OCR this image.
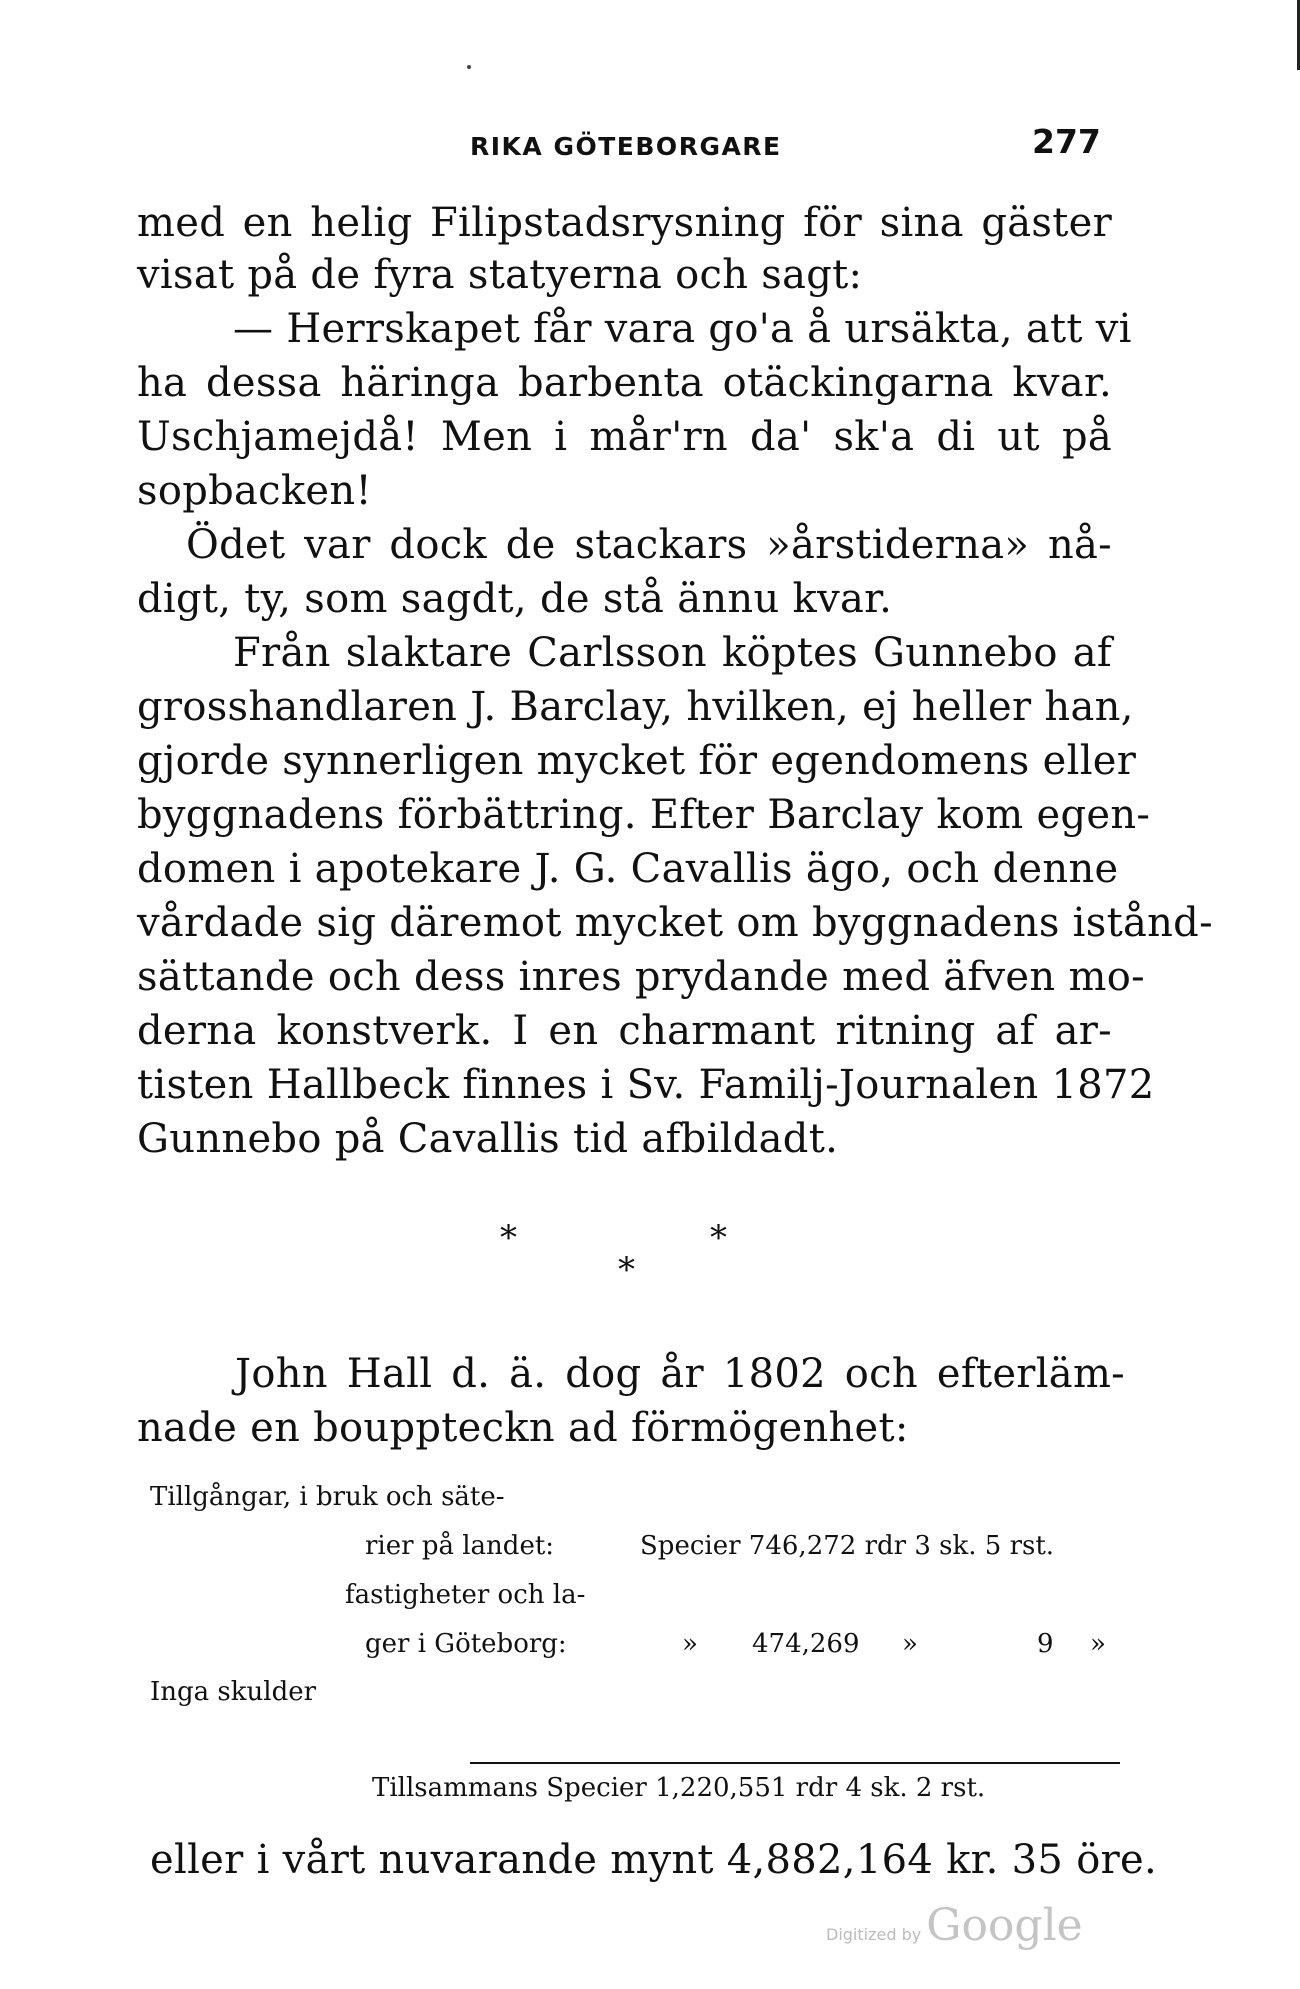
RIKA GÖTEBORGARE	277
med en helig Filipstadsrysning för sina gäster
visat på de fyra statyerna och sagt:
— Herrskapet får vara go'a å ursäkta, att vi
ha dessa häringa barbenta otäckingarna kvar.
Uschjamejdå! Men i mår'rn da' sk'a di ut på
sopbacken!
Ödet var dock de stackars »årstiderna» nå-
digt, ty, som sagdt, de stå ännu kvar.
Från slaktare Carlsson köptes Gunnebo af
grosshandlaren J. Barclay, hvilken, ej heller han,
gjorde synnerligen mycket för egendomens eller
byggnadens förbättring. Efter Barclay kom egen-
domen i apotekare J. G. Cavallis ägo, och denne
vårdade sig däremot mycket om byggnadens istånd-
sättande och dess inres prydande med äfven mo-
derna konstverk. I en charmant ritning af ar-
tisten Hallbeck finnes i Sv. Familj-Journalen 1872
Gunnebo på Cavallis tid afbildadt.
*	*
*
John Hall d. ä. dog år 1802 och efterläm-
nade en bouppteckn ad förmögenhet:
Tillgångar, i bruk och säte-
rier på landet:	Specier 746,272 rdr 3 sk. 5 rst.
fastigheter och la-
ger i Göteborg:	» 474,269 »	9 »
Inga skulder
Tillsammans Specier 1,220,551 rdr 4 sk. 2 rst.
eller i vårt nuvarande mynt 4,882,164 kr. 35 öre.
Digitized by Google
